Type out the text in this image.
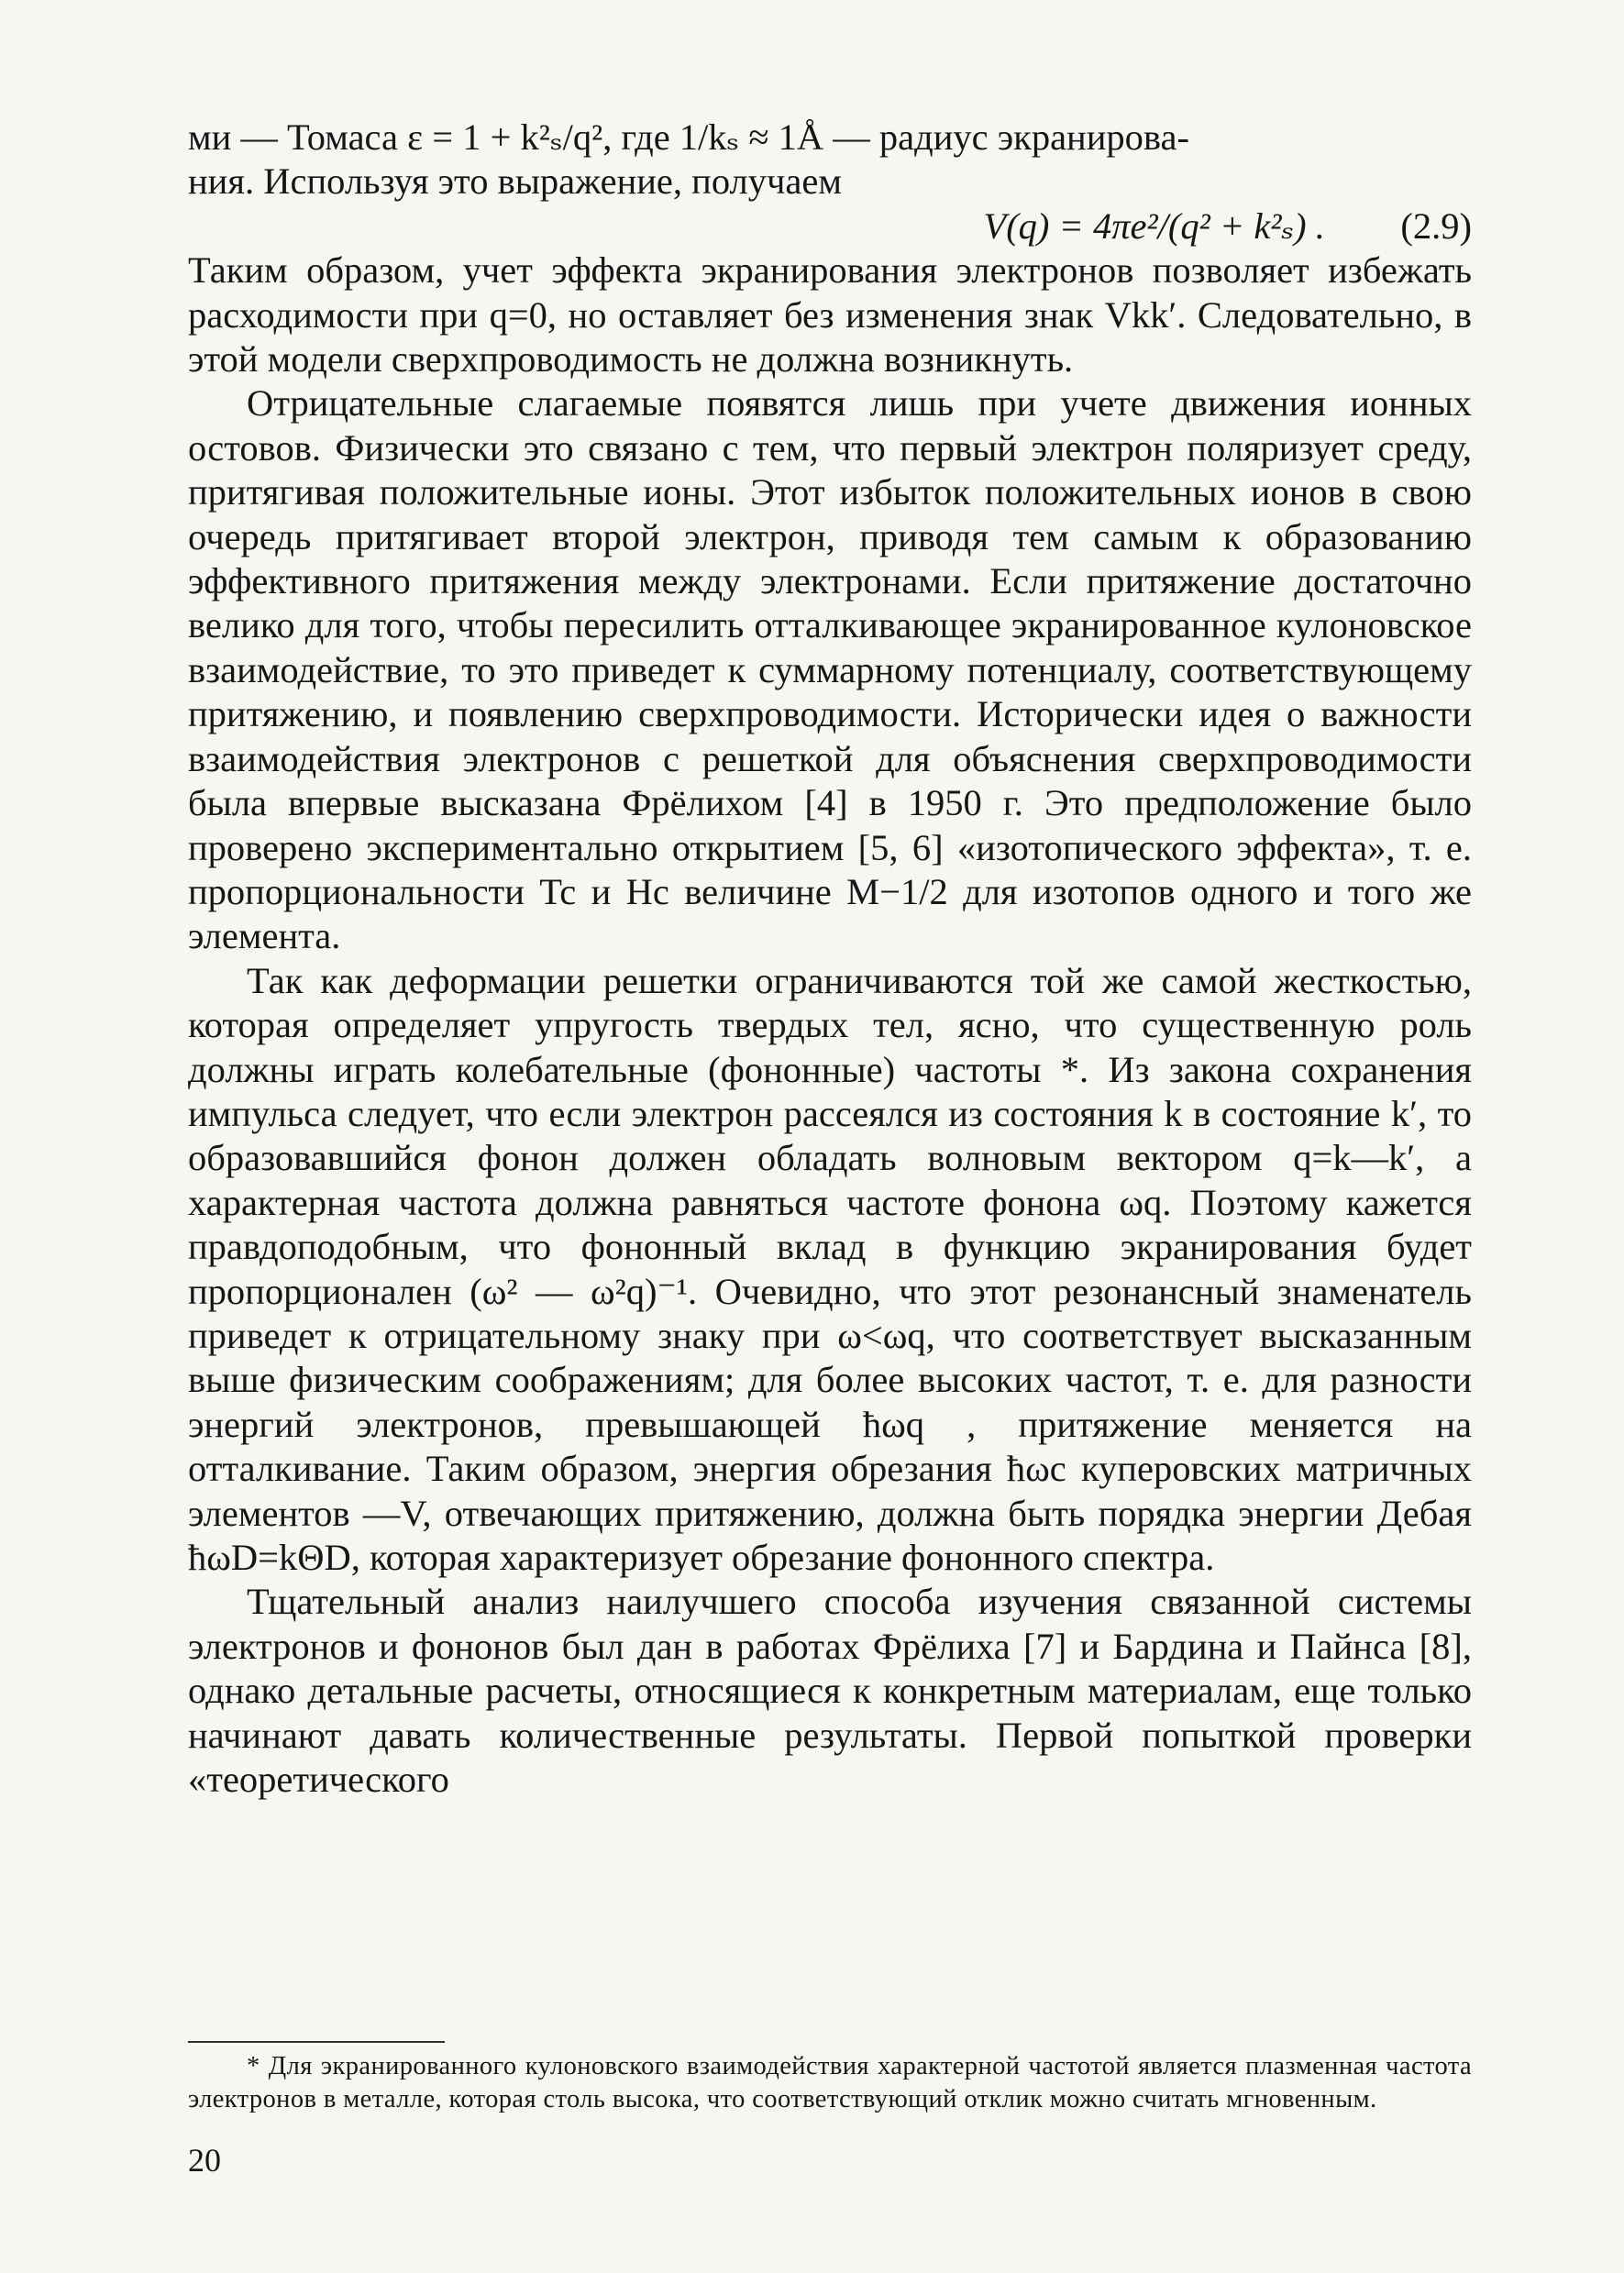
ми — Томаса ε = 1 + k²ₛ/q², где 1/kₛ ≈ 1Å — радиус экранирова-

ния. Используя это выражение, получаем

V(q) = 4πe²/(q² + k²ₛ) . (2.9)

Таким образом, учет эффекта экранирования электронов позволяет избежать расходимости при q=0, но оставляет без изменения знак Vkk′. Следовательно, в этой модели сверхпроводимость не должна возникнуть.

Отрицательные слагаемые появятся лишь при учете движения ионных остовов. Физически это связано с тем, что первый электрон поляризует среду, притягивая положительные ионы. Этот избыток положительных ионов в свою очередь притягивает второй электрон, приводя тем самым к образованию эффективного притяжения между электронами. Если притяжение достаточно велико для того, чтобы пересилить отталкивающее экранированное кулоновское взаимодействие, то это приведет к суммарному потенциалу, соответствующему притяжению, и появлению сверхпроводимости. Исторически идея о важности взаимодействия электронов с решеткой для объяснения сверхпроводимости была впервые высказана Фрёлихом [4] в 1950 г. Это предположение было проверено экспериментально открытием [5, 6] «изотопического эффекта», т. е. пропорциональности Tc и Hc величине M−1/2 для изотопов одного и того же элемента.

Так как деформации решетки ограничиваются той же самой жесткостью, которая определяет упругость твердых тел, ясно, что существенную роль должны играть колебательные (фононные) частоты *. Из закона сохранения импульса следует, что если электрон рассеялся из состояния k в состояние k′, то образовавшийся фонон должен обладать волновым вектором q=k—k′, а характерная частота должна равняться частоте фонона ωq. Поэтому кажется правдоподобным, что фононный вклад в функцию экранирования будет пропорционален (ω² — ω²q)⁻¹. Очевидно, что этот резонансный знаменатель приведет к отрицательному знаку при ω<ωq, что соответствует высказанным выше физическим соображениям; для более высоких частот, т. е. для разности энергий электронов, превышающей ħωq , притяжение меняется на отталкивание. Таким образом, энергия обрезания ħωc куперовских матричных элементов —V, отвечающих притяжению, должна быть порядка энергии Дебая ħωD=kΘD, которая характеризует обрезание фононного спектра.

Тщательный анализ наилучшего способа изучения связанной системы электронов и фононов был дан в работах Фрёлиха [7] и Бардина и Пайнса [8], однако детальные расчеты, относящиеся к конкретным материалам, еще только начинают давать количественные результаты. Первой попыткой проверки «теоретического

* Для экранированного кулоновского взаимодействия характерной частотой является плазменная частота электронов в металле, которая столь высока, что соответствующий отклик можно считать мгновенным.

20
